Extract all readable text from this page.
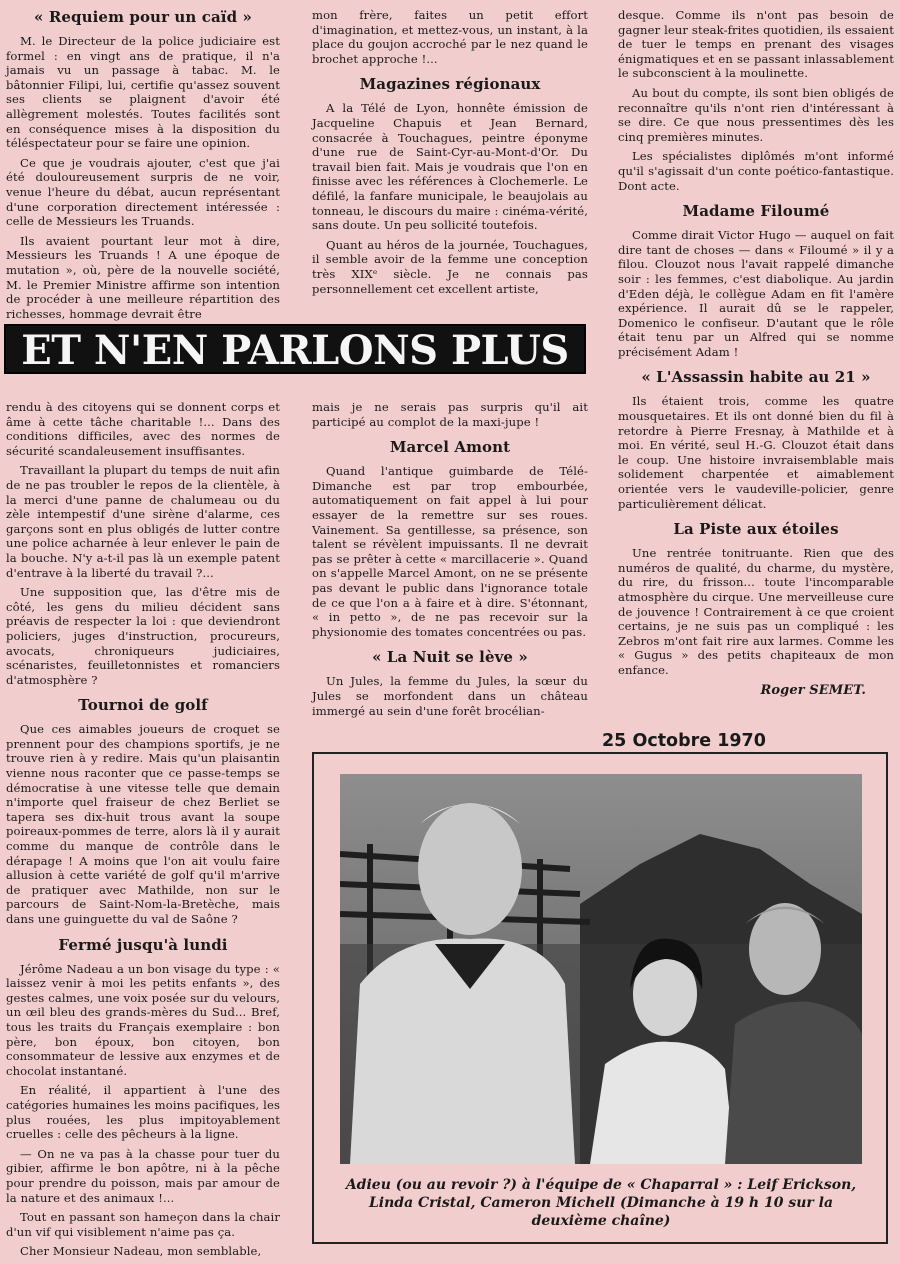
« Requiem pour un caïd »

M. le Directeur de la police judiciaire est formel : en vingt ans de pratique, il n'a jamais vu un passage à tabac. M. le bâtonnier Filipi, lui, certifie qu'assez souvent ses clients se plaignent d'avoir été allègrement molestés. Toutes facilités sont en conséquence mises à la disposition du téléspectateur pour se faire une opinion.

Ce que je voudrais ajouter, c'est que j'ai été douloureusement surpris de ne voir, venue l'heure du débat, aucun représentant d'une corporation directement intéressée : celle de Messieurs les Truands.

Ils avaient pourtant leur mot à dire, Messieurs les Truands ! A une époque de mutation », où, père de la nouvelle société, M. le Premier Ministre affirme son intention de procéder à une meilleure répartition des richesses, hommage devrait être

rendu à des citoyens qui se donnent corps et âme à cette tâche charitable !... Dans des conditions difficiles, avec des normes de sécurité scandaleusement insuffisantes.

Travaillant la plupart du temps de nuit afin de ne pas troubler le repos de la clientèle, à la merci d'une panne de chalumeau ou du zèle intempestif d'une sirène d'alarme, ces garçons sont en plus obligés de lutter contre une police acharnée à leur enlever le pain de la bouche. N'y a-t-il pas là un exemple patent d'entrave à la liberté du travail ?...

Une supposition que, las d'être mis de côté, les gens du milieu décident sans préavis de respecter la loi : que deviendront policiers, juges d'instruction, procureurs, avocats, chroniqueurs judiciaires, scénaristes, feuilletonnistes et romanciers d'atmosphère ?

Tournoi de golf

Que ces aimables joueurs de croquet se prennent pour des champions sportifs, je ne trouve rien à y redire. Mais qu'un plaisantin vienne nous raconter que ce passe-temps se démocratise à une vitesse telle que demain n'importe quel fraiseur de chez Berliet se tapera ses dix-huit trous avant la soupe poireaux-pommes de terre, alors là il y aurait comme du manque de contrôle dans le dérapage ! A moins que l'on ait voulu faire allusion à cette variété de golf qu'il m'arrive de pratiquer avec Mathilde, non sur le parcours de Saint-Nom-la-Bretèche, mais dans une guinguette du val de Saône ?

Fermé jusqu'à lundi

Jérôme Nadeau a un bon visage du type : « laissez venir à moi les petits enfants », des gestes calmes, une voix posée sur du velours, un œil bleu des grands-mères du Sud... Bref, tous les traits du Français exemplaire : bon père, bon époux, bon citoyen, bon consommateur de lessive aux enzymes et de chocolat instantané.

En réalité, il appartient à l'une des catégories humaines les moins pacifiques, les plus rouées, les plus impitoyablement cruelles : celle des pêcheurs à la ligne.

— On ne va pas à la chasse pour tuer du gibier, affirme le bon apôtre, ni à la pêche pour prendre du poisson, mais par amour de la nature et des animaux !...

Tout en passant son hameçon dans la chair d'un vif qui visiblement n'aime pas ça.

Cher Monsieur Nadeau, mon semblable,

mon frère, faites un petit effort d'imagination, et mettez-vous, un instant, à la place du goujon accroché par le nez quand le brochet approche !...

Magazines régionaux

A la Télé de Lyon, honnête émission de Jacqueline Chapuis et Jean Bernard, consacrée à Touchagues, peintre éponyme d'une rue de Saint-Cyr-au-Mont-d'Or. Du travail bien fait. Mais je voudrais que l'on en finisse avec les références à Clochemerle. Le défilé, la fanfare municipale, le beaujolais au tonneau, le discours du maire : cinéma-vérité, sans doute. Un peu sollicité toutefois.

Quant au héros de la journée, Touchagues, il semble avoir de la femme une conception très XIXᵉ siècle. Je ne connais pas personnellement cet excellent artiste,

ET N'EN PARLONS PLUS

mais je ne serais pas surpris qu'il ait participé au complot de la maxi-jupe !

Marcel Amont

Quand l'antique guimbarde de Télé-Dimanche est par trop embourbée, automatiquement on fait appel à lui pour essayer de la remettre sur ses roues. Vainement. Sa gentillesse, sa présence, son talent se révèlent impuissants. Il ne devrait pas se prêter à cette « marcillacerie ». Quand on s'appelle Marcel Amont, on ne se présente pas devant le public dans l'ignorance totale de ce que l'on a à faire et à dire. S'étonnant, « in petto », de ne pas recevoir sur la physionomie des tomates concentrées ou pas.

« La Nuit se lève »

Un Jules, la femme du Jules, la sœur du Jules se morfondent dans un château immergé au sein d'une forêt brocélian-

desque. Comme ils n'ont pas besoin de gagner leur steak-frites quotidien, ils essaient de tuer le temps en prenant des visages énigmatiques et en se passant inlassablement le subconscient à la moulinette.

Au bout du compte, ils sont bien obligés de reconnaître qu'ils n'ont rien d'intéressant à se dire. Ce que nous pressentimes dès les cinq premières minutes.

Les spécialistes diplômés m'ont informé qu'il s'agissait d'un conte poético-fantastique. Dont acte.

Madame Filoumé

Comme dirait Victor Hugo — auquel on fait dire tant de choses — dans « Filoumé » il y a filou. Clouzot nous l'avait rappelé dimanche soir : les femmes, c'est diabolique. Au jardin d'Eden déjà, le collègue Adam en fit l'amère expérience. Il aurait dû se le rappeler, Domenico le confiseur. D'autant que le rôle était tenu par un Alfred qui se nomme précisément Adam !

« L'Assassin habite au 21 »

Ils étaient trois, comme les quatre mousquetaires. Et ils ont donné bien du fil à retordre à Pierre Fresnay, à Mathilde et à moi. En vérité, seul H.-G. Clouzot était dans le coup. Une histoire invraisemblable mais solidement charpentée et aimablement orientée vers le vaudeville-policier, genre particulièrement délicat.

La Piste aux étoiles

Une rentrée tonitruante. Rien que des numéros de qualité, du charme, du mystère, du rire, du frisson... toute l'incomparable atmosphère du cirque. Une merveilleuse cure de jouvence ! Contrairement à ce que croient certains, je ne suis pas un compliqué : les Zebros m'ont fait rire aux larmes. Comme les « Gugus » des petits chapiteaux de mon enfance.

Roger SEMET.

25 Octobre 1970
Adieu (ou au revoir ?) à l'équipe de « Chaparral » : Leif Erickson, Linda Cristal, Cameron Michell (Dimanche à 19 h 10 sur la deuxième chaîne)
